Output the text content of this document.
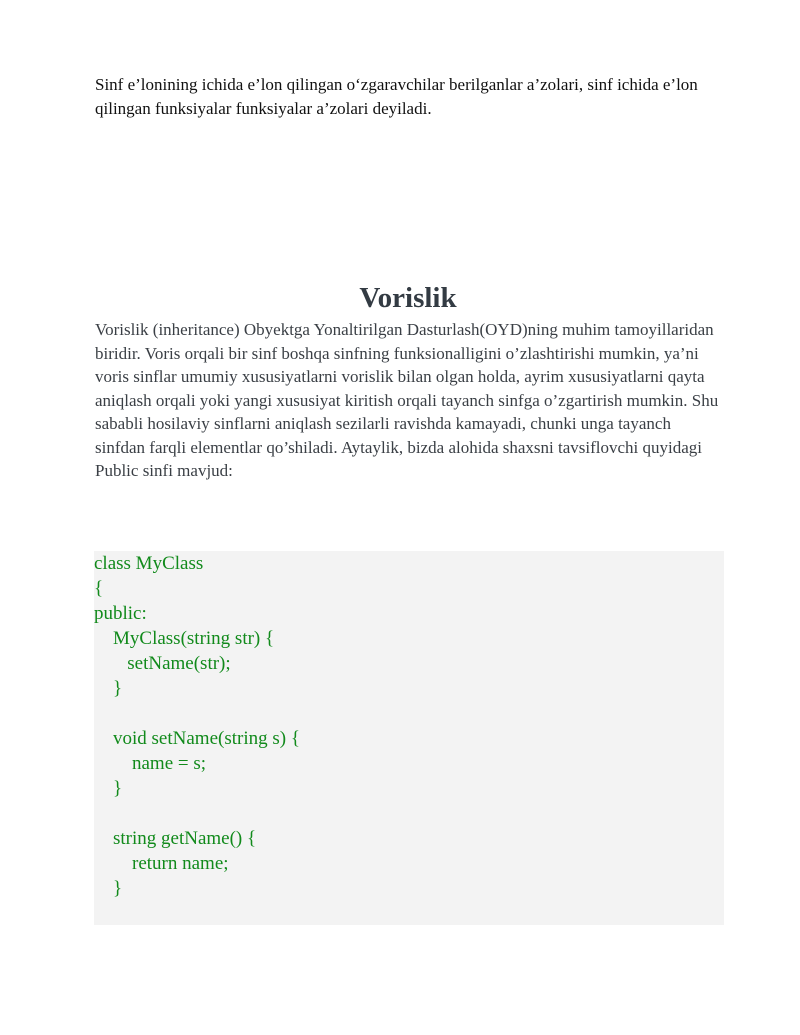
Sinf e’lonining ichida e’lon qilingan o‘zgaravchilar berilganlar a’zolari, sinf ichida e’lon qilingan funksiyalar funksiyalar a’zolari deyiladi.

Vorislik

Vorislik (inheritance) Obyektga Yonaltirilgan Dasturlash(OYD)ning muhim tamoyillaridan biridir. Voris orqali bir sinf boshqa sinfning funksionalligini o’zlashtirishi mumkin, ya’ni voris sinflar umumiy xususiyatlarni vorislik bilan olgan holda, ayrim xususiyatlarni qayta aniqlash orqali yoki yangi xususiyat kiritish orqali tayanch sinfga o’zgartirish mumkin. Shu sababli hosilaviy sinflarni aniqlash sezilarli ravishda kamayadi, chunki unga tayanch sinfdan farqli elementlar qo’shiladi. Aytaylik, bizda alohida shaxsni tavsiflovchi quyidagi Public sinfi mavjud:

class MyClass
{
public:
MyClass(string str) {
setName(str);
}
void setName(string s) {
name = s;
}
string getName() {
return name;
}
